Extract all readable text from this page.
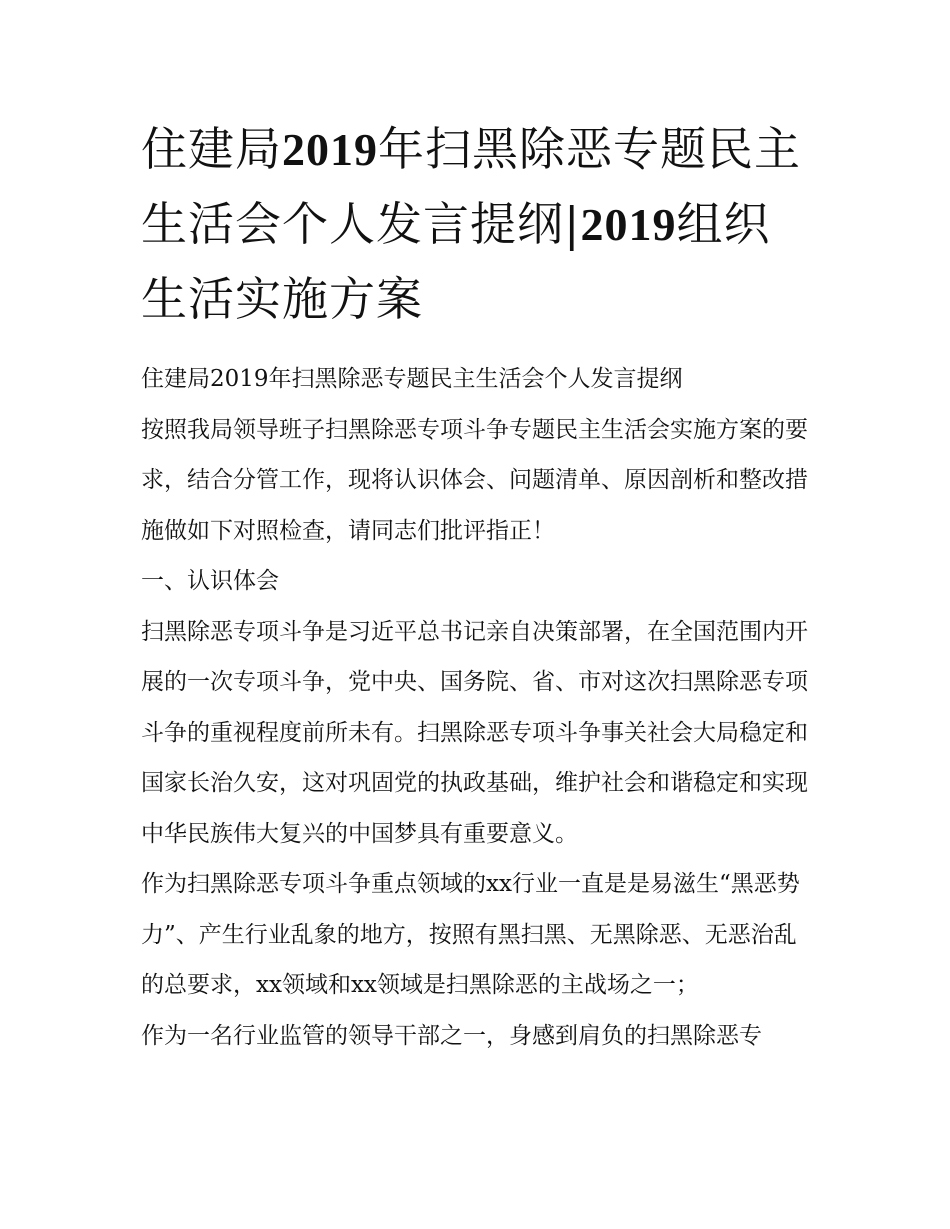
住建局2019年扫黑除恶专题民主生活会个人发言提纲|2019组织生活实施方案

住建局2019年扫黑除恶专题民主生活会个人发言提纲

按照我局领导班子扫黑除恶专项斗争专题民主生活会实施方案的要求，结合分管工作，现将认识体会、问题清单、原因剖析和整改措施做如下对照检查，请同志们批评指正！

一、认识体会

扫黑除恶专项斗争是习近平总书记亲自决策部署，在全国范围内开展的一次专项斗争，党中央、国务院、省、市对这次扫黑除恶专项斗争的重视程度前所未有。扫黑除恶专项斗争事关社会大局稳定和国家长治久安，这对巩固党的执政基础，维护社会和谐稳定和实现中华民族伟大复兴的中国梦具有重要意义。

作为扫黑除恶专项斗争重点领域的xx行业一直是是易滋生“黑恶势力”、产生行业乱象的地方，按照有黑扫黑、无黑除恶、无恶治乱的总要求，xx领域和xx领域是扫黑除恶的主战场之一；

作为一名行业监管的领导干部之一，身感到肩负的扫黑除恶专
